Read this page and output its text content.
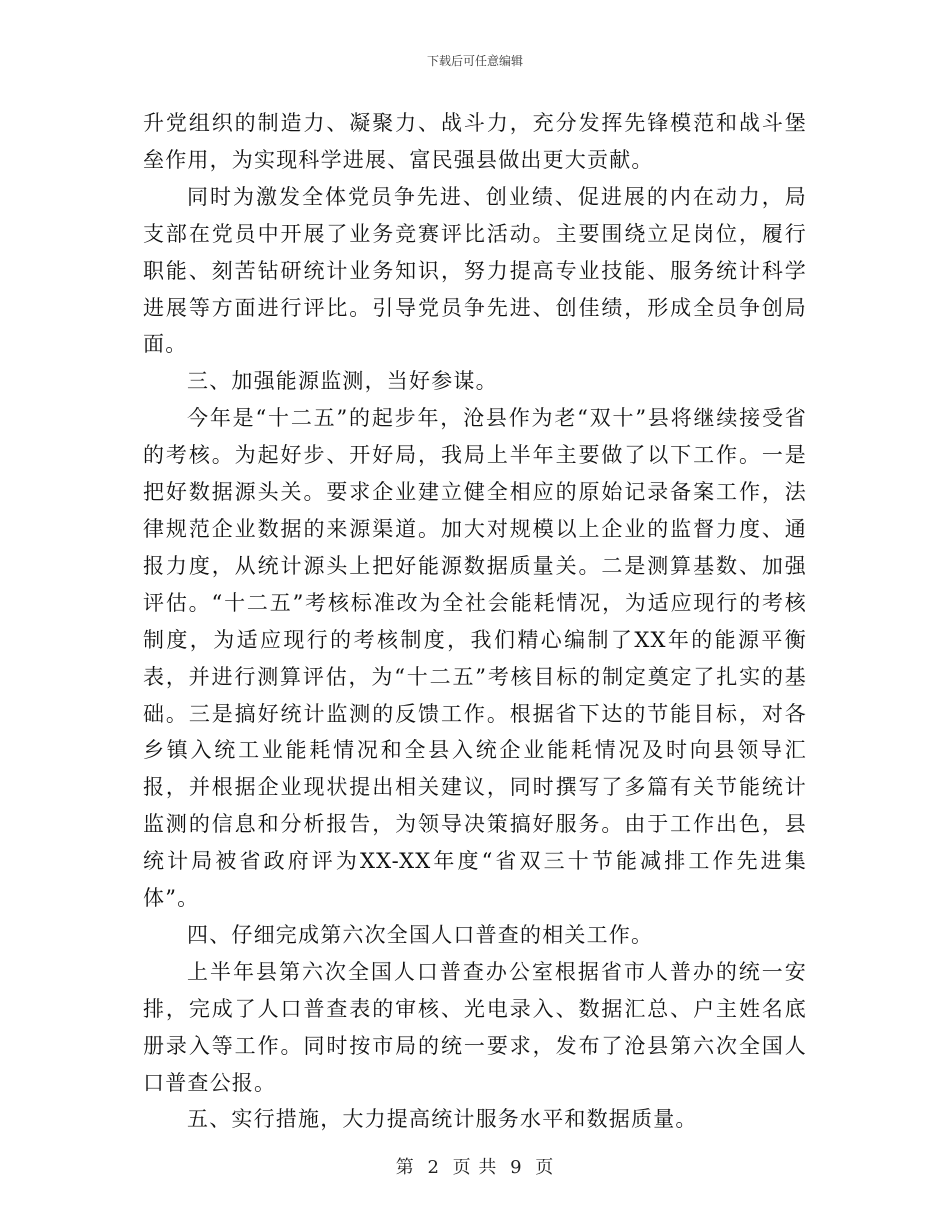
下载后可任意编辑

升党组织的制造力、凝聚力、战斗力，充分发挥先锋模范和战斗堡垒作用，为实现科学进展、富民强县做出更大贡献。

同时为激发全体党员争先进、创业绩、促进展的内在动力，局支部在党员中开展了业务竞赛评比活动。主要围绕立足岗位，履行职能、刻苦钻研统计业务知识，努力提高专业技能、服务统计科学进展等方面进行评比。引导党员争先进、创佳绩，形成全员争创局面。

三、加强能源监测，当好参谋。

今年是“十二五”的起步年，沧县作为老“双十”县将继续接受省的考核。为起好步、开好局，我局上半年主要做了以下工作。一是把好数据源头关。要求企业建立健全相应的原始记录备案工作，法律规范企业数据的来源渠道。加大对规模以上企业的监督力度、通报力度，从统计源头上把好能源数据质量关。二是测算基数、加强评估。“十二五”考核标准改为全社会能耗情况，为适应现行的考核制度，为适应现行的考核制度，我们精心编制了XX年的能源平衡表，并进行测算评估，为“十二五”考核目标的制定奠定了扎实的基础。三是搞好统计监测的反馈工作。根据省下达的节能目标，对各乡镇入统工业能耗情况和全县入统企业能耗情况及时向县领导汇报，并根据企业现状提出相关建议，同时撰写了多篇有关节能统计监测的信息和分析报告，为领导决策搞好服务。由于工作出色，县统计局被省政府评为XX-XX年度“省双三十节能减排工作先进集体”。

四、仔细完成第六次全国人口普查的相关工作。

上半年县第六次全国人口普查办公室根据省市人普办的统一安排，完成了人口普查表的审核、光电录入、数据汇总、户主姓名底册录入等工作。同时按市局的统一要求，发布了沧县第六次全国人口普查公报。

五、实行措施，大力提高统计服务水平和数据质量。

第 2 页 共 9 页
